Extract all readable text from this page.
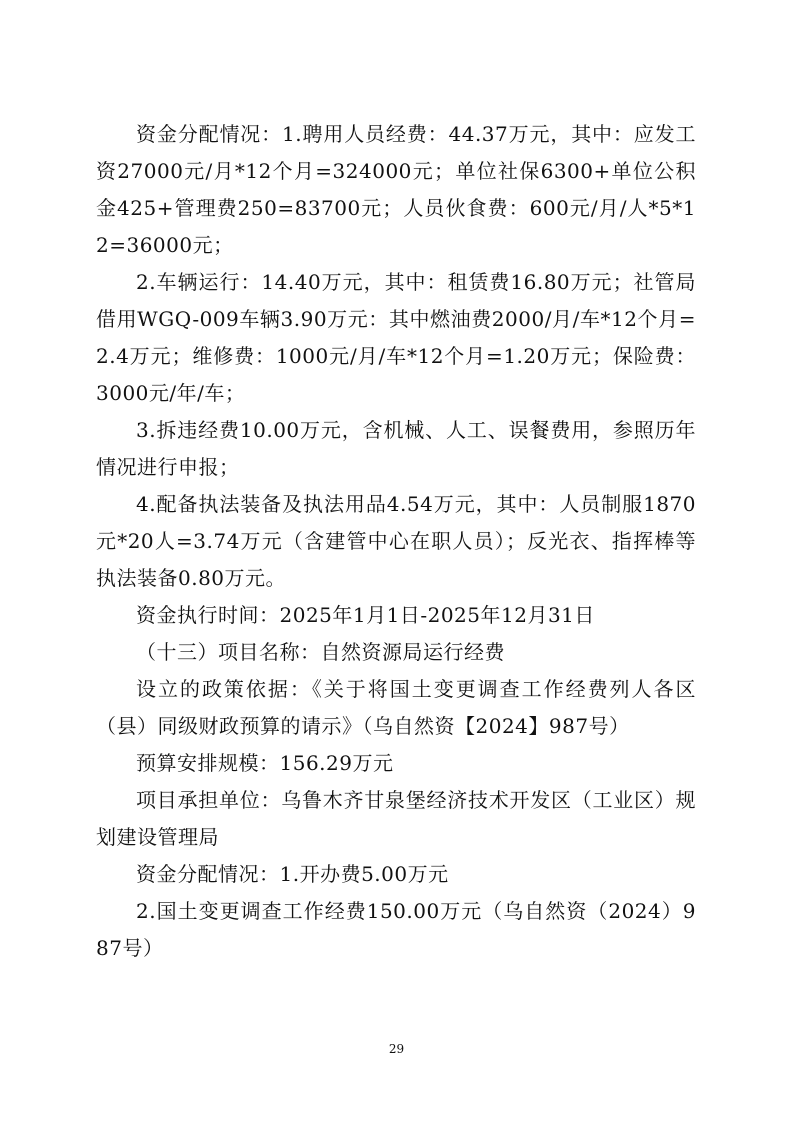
资金分配情况：1.聘用人员经费：44.37万元，其中：应发工资27000元/月*12个月=324000元；单位社保6300+单位公积金425+管理费250=83700元；人员伙食费：600元/月/人*5*12=36000元；

2.车辆运行：14.40万元，其中：租赁费16.80万元；社管局借用WGQ-009车辆3.90万元：其中燃油费2000/月/车*12个月=2.4万元；维修费：1000元/月/车*12个月=1.20万元；保险费：3000元/年/车；

3.拆违经费10.00万元，含机械、人工、误餐费用，参照历年情况进行申报；

4.配备执法装备及执法用品4.54万元，其中：人员制服1870元*20人=3.74万元（含建管中心在职人员）；反光衣、指挥棒等执法装备0.80万元。

资金执行时间：2025年1月1日-2025年12月31日

（十三）项目名称：自然资源局运行经费

设立的政策依据：《关于将国土变更调查工作经费列人各区（县）同级财政预算的请示》（乌自然资【2024】987号）

预算安排规模：156.29万元

项目承担单位：乌鲁木齐甘泉堡经济技术开发区（工业区）规划建设管理局

资金分配情况：1.开办费5.00万元

2.国土变更调查工作经费150.00万元（乌自然资（2024）987号）

29
